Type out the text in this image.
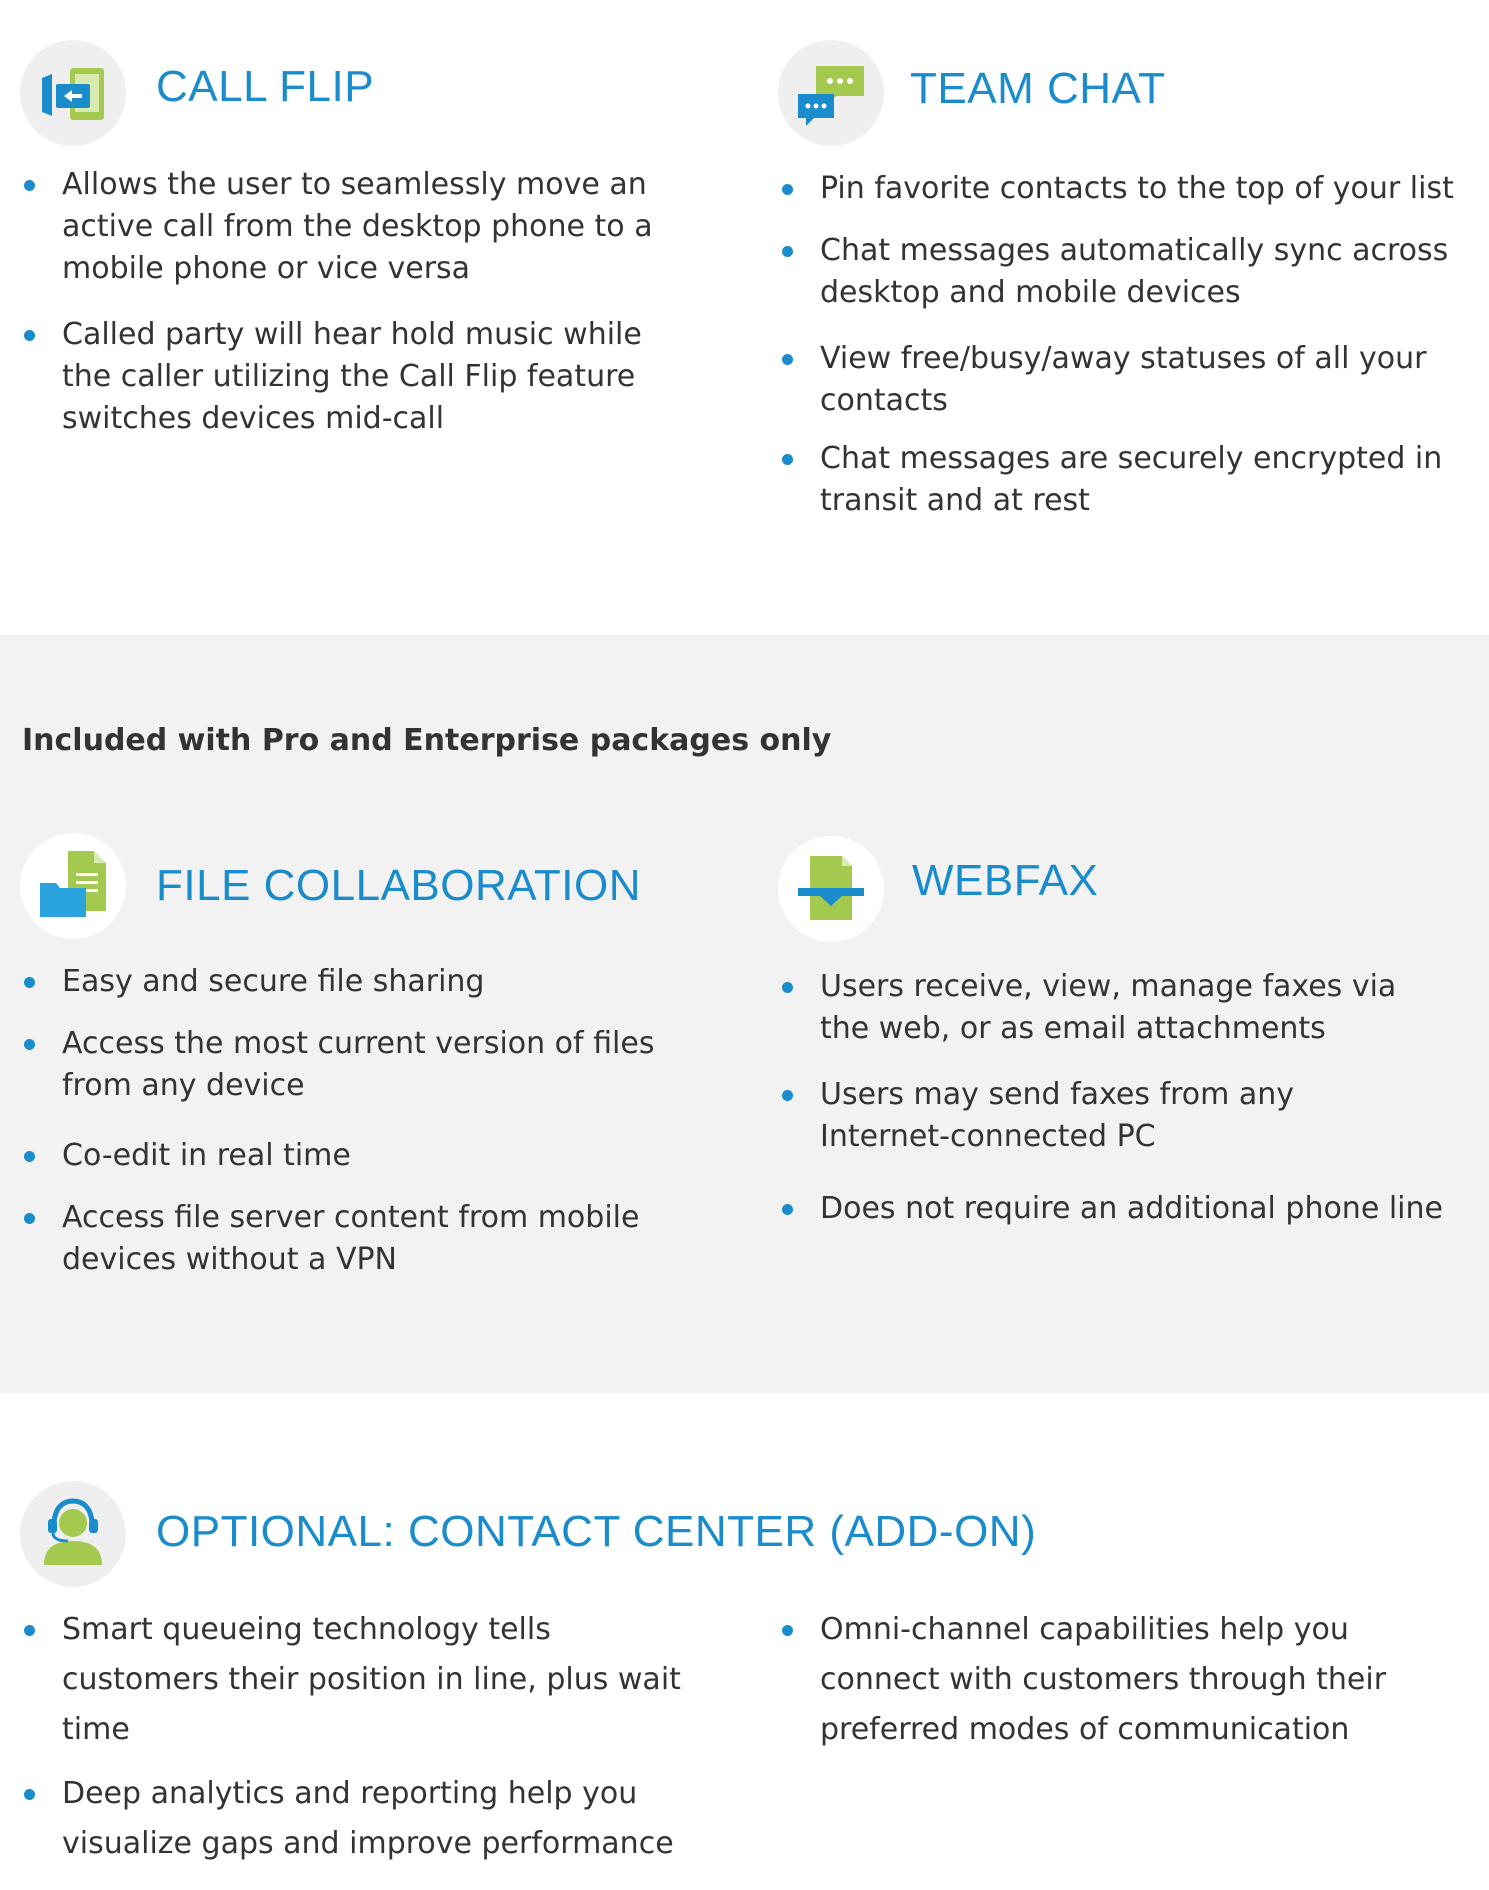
CALL FLIP
Allows the user to seamlessly move an active call from the desktop phone to a mobile phone or vice versa
Called party will hear hold music while the caller utilizing the Call Flip feature switches devices mid-call
TEAM CHAT
Pin favorite contacts to the top of your list
Chat messages automatically sync across desktop and mobile devices
View free/busy/away statuses of all your contacts
Chat messages are securely encrypted in transit and at rest
Included with Pro and Enterprise packages only
FILE COLLABORATION
Easy and secure file sharing
Access the most current version of files from any device
Co-edit in real time
Access file server content from mobile devices without a VPN
WEBFAX
Users receive, view, manage faxes via the web, or as email attachments
Users may send faxes from any Internet-connected PC
Does not require an additional phone line
OPTIONAL: CONTACT CENTER (ADD-ON)
Smart queueing technology tells customers their position in line, plus wait time
Deep analytics and reporting help you visualize gaps and improve performance
Omni-channel capabilities help you connect with customers through their preferred modes of communication
